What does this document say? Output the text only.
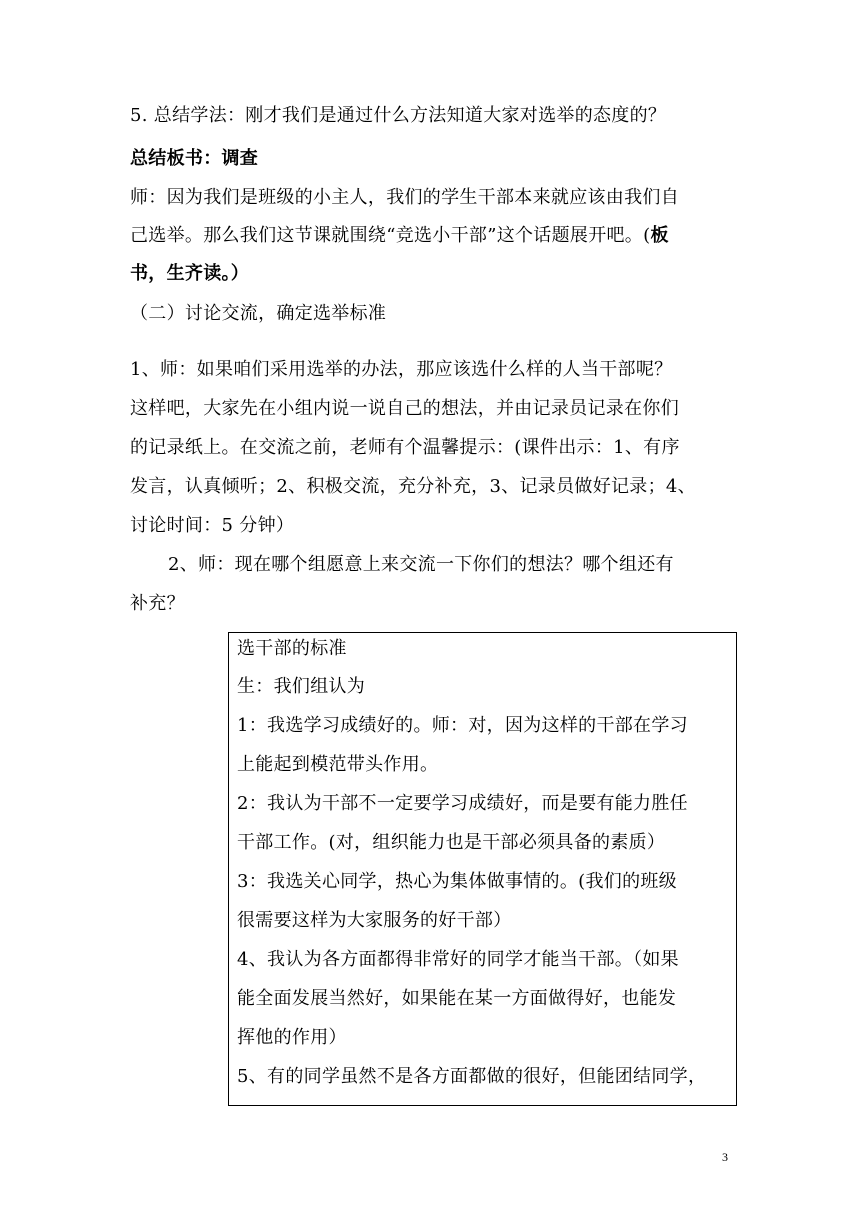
5. 总结学法：刚才我们是通过什么方法知道大家对选举的态度的？
总结板书：调查
师：因为我们是班级的小主人，我们的学生干部本来就应该由我们自
己选举。那么我们这节课就围绕“竞选小干部”这个话题展开吧。(板
书，生齐读。）
（二）讨论交流，确定选举标准
1、师：如果咱们采用选举的办法，那应该选什么样的人当干部呢？
这样吧，大家先在小组内说一说自己的想法，并由记录员记录在你们
的记录纸上。在交流之前，老师有个温馨提示：(课件出示：1、有序
发言，认真倾听；2、积极交流，充分补充，3、记录员做好记录；4、
讨论时间：5 分钟）
2、师：现在哪个组愿意上来交流一下你们的想法？哪个组还有
补充？
选干部的标准
生：我们组认为
1：我选学习成绩好的。师：对，因为这样的干部在学习
上能起到模范带头作用。
2：我认为干部不一定要学习成绩好，而是要有能力胜任
干部工作。(对，组织能力也是干部必须具备的素质）
3：我选关心同学，热心为集体做事情的。(我们的班级
很需要这样为大家服务的好干部）
4、我认为各方面都得非常好的同学才能当干部。（如果
能全面发展当然好，如果能在某一方面做得好，也能发
挥他的作用）
5、有的同学虽然不是各方面都做的很好，但能团结同学，
3
